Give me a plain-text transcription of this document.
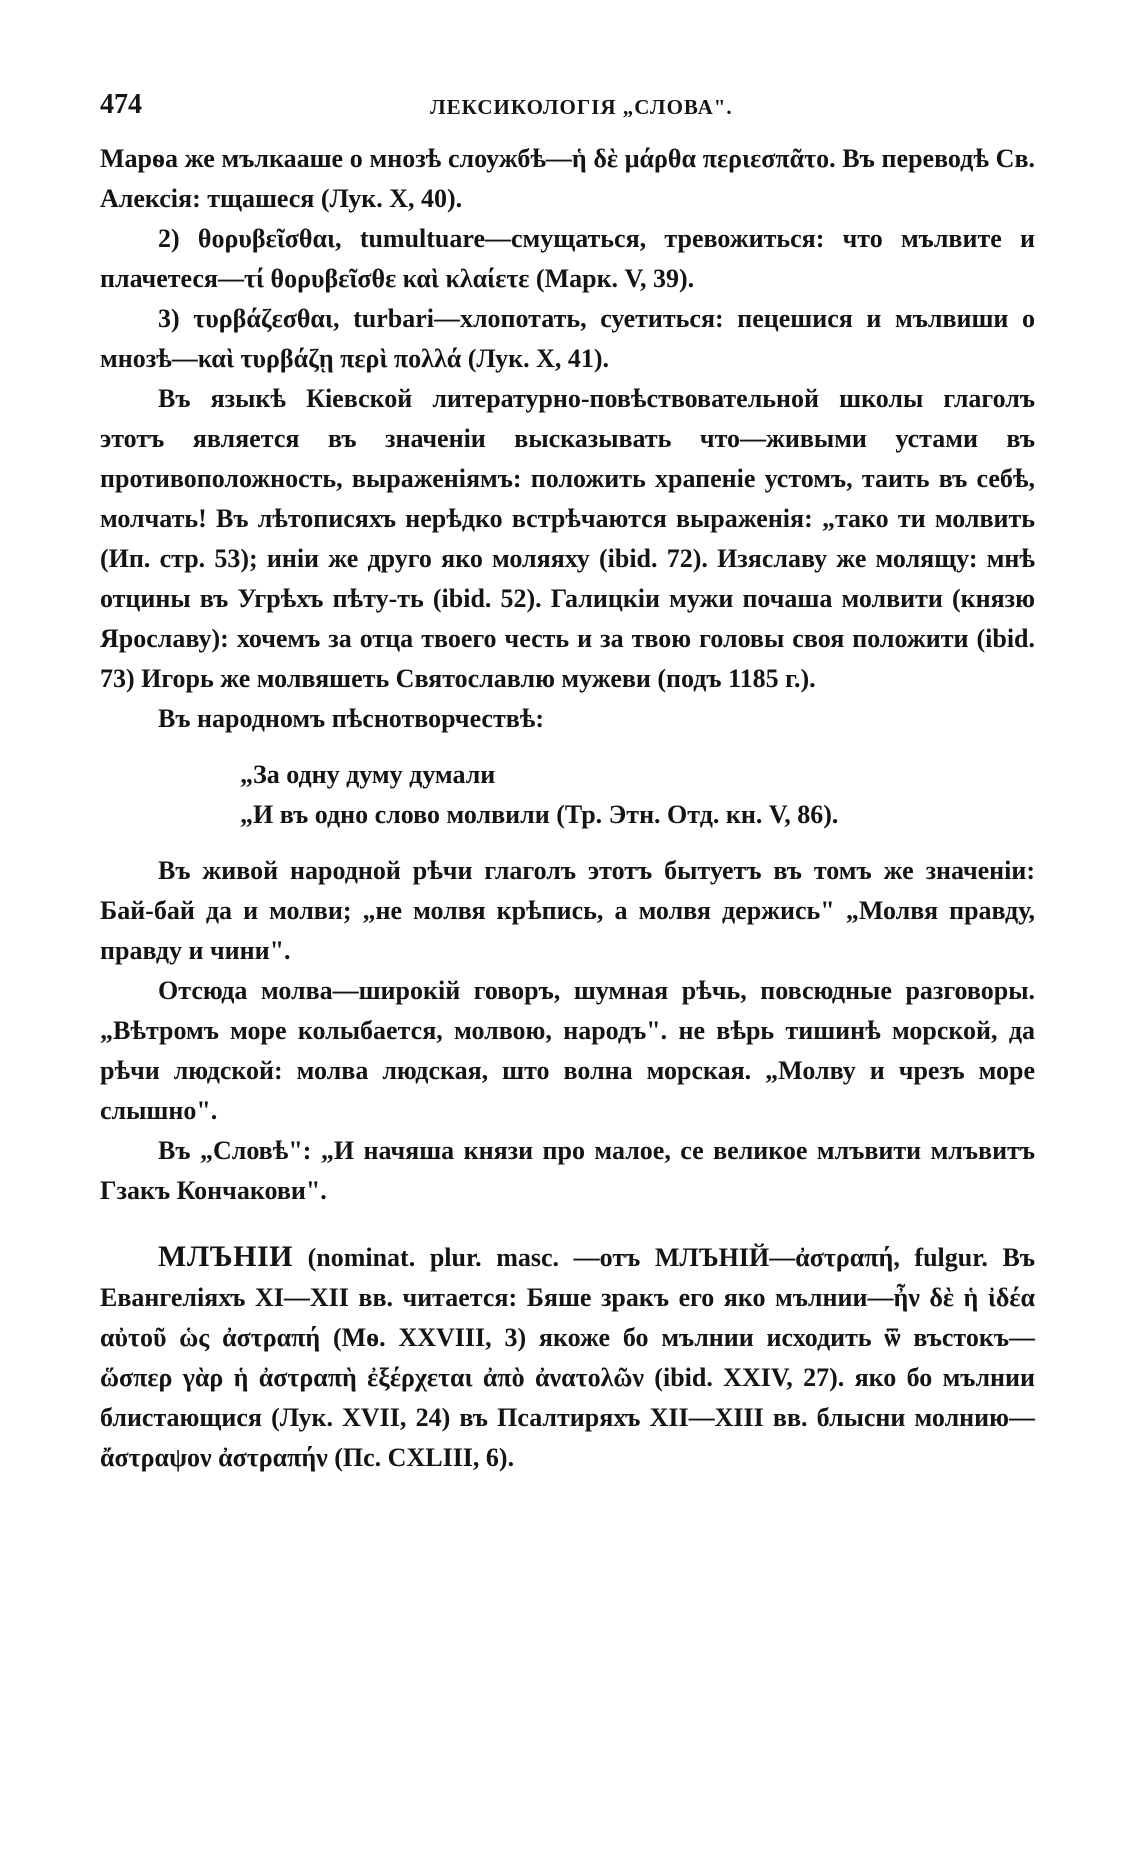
474	ЛЕКСИКОЛОГІЯ „СЛОВА".

Марѳа же мълкааше о мнозѣ слоужбѣ—ἡ δὲ μάρθα περιεσπᾶτο. Въ переводѣ Св. Алексія: тщашеся (Лук. X, 40).

2) θορυβεῖσθαι, tumultuare—смущаться, тревожиться: что мълвите и плачетеся—τί θορυβεῖσθε καὶ κλαίετε (Марк. V, 39).

3) τυρβάζεσθαι, turbari—хлопотать, суетиться: пецешися и мълвиши о мнозѣ—καὶ τυρβάζῃ περὶ πολλά (Лук. X, 41).

Въ языкѣ Кіевской литературно-повѣствовательной школы глаголъ этотъ является въ значеніи высказывать что—живыми устами въ противоположность, выраженіямъ: положить храпеніе устомъ, таить въ себѣ, молчать! Въ лѣтописяхъ нерѣдко встрѣчаются выраженія: „тако ти молвить (Ип. стр. 53); иніи же друго яко моляяху (ibid. 72). Изяславу же молящу: мнѣ отцины въ Угрѣхъ пѣту-ть (ibid. 52). Галицкіи мужи почаша молвити (князю Ярославу): хочемъ за отца твоего честь и за твою головы своя положити (ibid. 73) Игорь же молвяшеть Святославлю мужеви (подъ 1185 г.).

Въ народномъ пѣснотворчествѣ:

„За одну думу думали

„И въ одно слово молвили (Тр. Этн. Отд. кн. V, 86).

Въ живой народной рѣчи глаголъ этотъ бытуетъ въ томъ же значеніи: Бай-бай да и молви; „не молвя крѣпись, а молвя держись" „Молвя правду, правду и чини".

Отсюда молва—широкій говоръ, шумная рѣчь, повсюдные разговоры. „Вѣтромъ море колыбается, молвою, народъ". не вѣрь тишинѣ морской, да рѣчи людской: молва людская, што волна морская. „Молву и чрезъ море слышно".

Въ „Словѣ": „И начяша князи про малое, се великое млъвити млъвитъ Гзакъ Кончакови".

МЛЪНІИ (nominat. plur. masc. —отъ МЛЪНІЙ—ἀστραπή, fulgur. Въ Евангеліяхъ XI—XII вв. читается: Бяше зракъ его яко мълнии—ἦν δὲ ἡ ἰδέα αὐτοῦ ὡς ἀστραπή (Мѳ. XXVIII, 3) якоже бо мълнии исходить ѿ въстокъ—ὥσπερ γὰρ ἡ ἀστραπὴ ἐξέρχεται ἀπὸ ἀνατολῶν (ibid. XXIV, 27). яко бо мълнии блистающися (Лук. XVII, 24) въ Псалтиряхъ XII—XIII вв. блысни молнию—ἄστραψον ἀστραπήν (Пс. CXLIII, 6).
